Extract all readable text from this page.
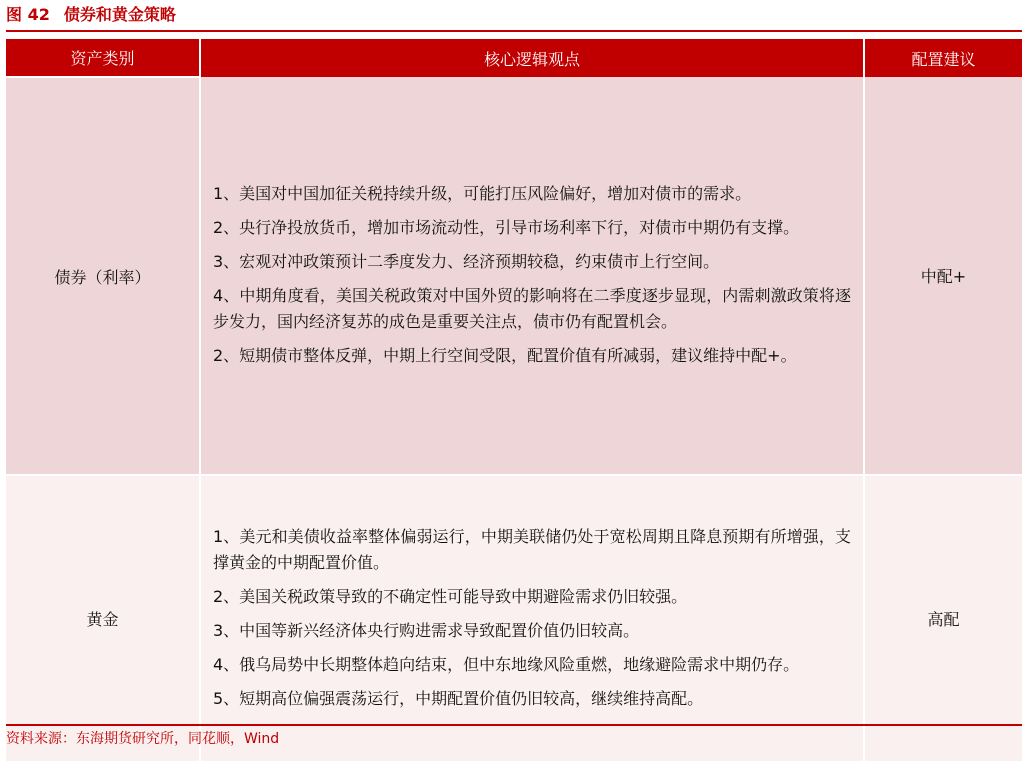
图 42 债券和黄金策略
资产类别	核心逻辑观点	配置建议
债券（利率）	1、美国对中国加征关税持续升级，可能打压风险偏好，增加对债市的需求。

2、央行净投放货币，增加市场流动性，引导市场利率下行，对债市中期仍有支撑。

3、宏观对冲政策预计二季度发力、经济预期较稳，约束债市上行空间。

4、中期角度看，美国关税政策对中国外贸的影响将在二季度逐步显现，内需刺激政策将逐步发力，国内经济复苏的成色是重要关注点，债市仍有配置机会。

2、短期债市整体反弹，中期上行空间受限，配置价值有所减弱，建议维持中配+。	中配+
黄金	1、美元和美债收益率整体偏弱运行，中期美联储仍处于宽松周期且降息预期有所增强，支撑黄金的中期配置价值。

2、美国关税政策导致的不确定性可能导致中期避险需求仍旧较强。

3、中国等新兴经济体央行购进需求导致配置价值仍旧较高。

4、俄乌局势中长期整体趋向结束，但中东地缘风险重燃，地缘避险需求中期仍存。

5、短期高位偏强震荡运行，中期配置价值仍旧较高，继续维持高配。	高配
资料来源：东海期货研究所，同花顺，Wind
